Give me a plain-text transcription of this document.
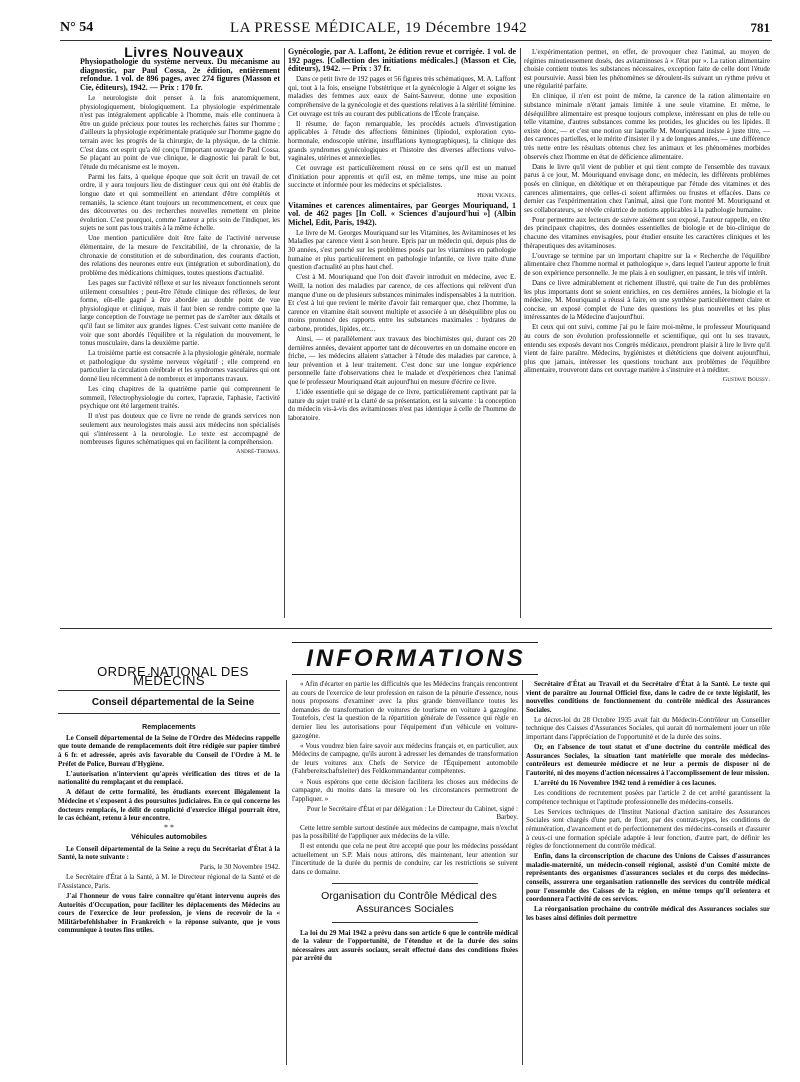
N° 54	LA PRESSE MÉDICALE, 19 Décembre 1942	781

Livres Nouveaux

Physiopathologie du système nerveux. Du mécanisme au diagnostic, par Paul Cossa, 2e édition, entièrement refondue. 1 vol. de 896 pages, avec 274 figures (Masson et Cie, éditeurs), 1942. — Prix : 170 fr.

Le neurologiste doit penser à la fois anatomiquement, physiologiquement, biologiquement. La physiologie expérimentale n'est pas intégralement applicable à l'homme, mais elle continuera à être un guide précieux pour toutes les recherches faites sur l'homme ; d'ailleurs la physiologie expérimentale pratiquée sur l'homme gagne du terrain avec les progrès de la chirurgie, de la physique, de la chimie. C'est dans cet esprit qu'a été conçu l'important ouvrage de Paul Cossa. Se plaçant au point de vue clinique, le diagnostic lui paraît le but, l'étude du mécanisme est le moyen.

Parmi les faits, à quelque époque que soit écrit un travail de cet ordre, il y aura toujours lieu de distinguer ceux qui ont été établis de longue date et qui sommeillent en attendant d'être complétés et remaniés, la science étant toujours un recommencement, et ceux que des découvertes ou des recherches nouvelles remettent en pleine évolution. C'est pourquoi, comme l'auteur a pris soin de l'indiquer, les sujets ne sont pas tous traités à la même échelle.

Une mention particulière doit être faite de l'activité nerveuse élémentaire, de la mesure de l'excitabilité, de la chronaxie, de la chronaxie de constitution et de subordination, des courants d'action, des relations des neurones entre eux (intégration et subordination), du problème des médications chimiques, toutes questions d'actualité.

Les pages sur l'activité réflexe et sur les niveaux fonctionnels seront utilement consultées ; peut-être l'étude clinique des réflexes, de leur forme, eût-elle gagné à être abordée au double point de vue physiologique et clinique, mais il faut bien se rendre compte que la large conception de l'ouvrage ne permet pas de s'arrêter aux détails et qu'il faut se limiter aux grandes lignes. C'est suivant cette manière de voir que sont abordés l'équilibre et la régulation du mouvement, le tonus musculaire, dans la deuxième partie.

La troisième partie est consacrée à la physiologie générale, normale et pathologique du système nerveux végétatif ; elle comprend en particulier la circulation cérébrale et les syndromes vasculaires qui ont donné lieu récemment à de nombreux et importants travaux.

Les cinq chapitres de la quatrième partie qui comprennent le sommeil, l'électrophysiologie du cortex, l'apraxie, l'aphasie, l'activité psychique ont été largement traités.

Il n'est pas douteux que ce livre ne rende de grands services non seulement aux neurologistes mais aussi aux médecins non spécialisés qui s'intéressent à la neurologie. Le texte est accompagné de nombreuses figures schématiques qui en facilitent la compréhension.

André-Thomas.

Gynécologie, par A. Laffont, 2e édition revue et corrigée. 1 vol. de 192 pages. [Collection des initiations médicales.] (Masson et Cie, éditeurs), 1942. — Prix : 37 fr.

Dans ce petit livre de 192 pages et 56 figures très schématiques, M. A. Laffont qui, tout à la fois, enseigne l'obstétrique et la gynécologie à Alger et soigne les maladies des femmes aux eaux de Saint-Sauveur, donne une exposition compréhensive de la gynécologie et des questions relatives à la stérilité féminine. Cet ouvrage est très au courant des publications de l'École française.

Il résume, de façon remarquable, les procédés actuels d'investigation applicables à l'étude des affections féminines (lipiodol, exploration cyto-hormonale, endoscopie utérine, insufflations kymographiques), la clinique des grands syndromes gynécologiques et l'histoire des diverses affections vulvo-vaginales, utérines et annexielles.

Cet ouvrage est particulièrement réussi en ce sens qu'il est un manuel d'initiation pour apprentis et qu'il est, en même temps, une mise au point succincte et informée pour les médecins et spécialistes.

Henri Vignes.

Vitamines et carences alimentaires, par Georges Mouriquand, 1 vol. de 462 pages [In Coll. « Sciences d'aujourd'hui »] (Albin Michel, Edit, Paris, 1942).

Le livre de M. Georges Mouriquand sur les Vitamines, les Avitaminoses et les Maladies par carence vient à son heure. Epris par un médecin qui, depuis plus de 30 années, s'est penché sur les problèmes posés par les vitamines en pathologie humaine et plus particulièrement en pathologie infantile, ce livre traite d'une question d'actualité au plus haut chef.

C'est à M. Mouriquand que l'on doit d'avoir introduit en médecine, avec E. Weill, la notion des maladies par carence, de ces affections qui relèvent d'un manque d'une ou de plusieurs substances minimales indispensables à la nutrition. Et c'est à lui que revient le mérite d'avoir fait remarquer que, chez l'homme, la carence en vitamine était souvent multiple et associée à un déséquilibre plus ou moins prononcé des rapports entre les substances maximales : hydrates de carbone, protides, lipides, etc...

Ainsi, — et parallèlement aux travaux des biochimistes qui, durant ces 20 dernières années, devaient apporter tant de découvertes en un domaine encore en friche, — les médecins allaient s'attacher à l'étude des maladies par carence, à leur prévention et à leur traitement. C'est donc sur une longue expérience personnelle faite d'observations chez le malade et d'expériences chez l'animal que le professeur Mouriquand était aujourd'hui en mesure d'écrire ce livre.

L'idée essentielle qui se dégage de ce livre, particulièrement captivant par la nature du sujet traité et la clarté de sa présentation, est la suivante : la conception du médecin vis-à-vis des avitaminoses n'est pas identique à celle de l'homme de laboratoire.

L'expérimentation permet, en effet, de provoquer chez l'animal, au moyen de régimes minutieusement dosés, des avitaminoses à « l'état pur ». La ration alimentaire choisie contient toutes les substances nécessaires, exception faite de celle dont l'étude est poursuivie. Aussi bien les phénomènes se déroulent-ils suivant un rythme prévu et une régularité parfaite.

En clinique, il n'en est point de même, la carence de la ration alimentaire en substance minimale n'étant jamais limitée à une seule vitamine. Et même, le déséquilibre alimentaire est presque toujours complexe, intéressant en plus de telle ou telle vitamine, d'autres substances comme les protides, les glucides ou les lipides. Il existe donc, — et c'est une notion sur laquelle M. Mouriquand insiste à juste titre, — des carences partielles, et le mérite d'insister il y a de longues années, — une différence très nette entre les résultats obtenus chez les animaux et les phénomènes morbides observés chez l'homme en état de déficience alimentaire.

Dans le livre qu'il vient de publier et qui tient compte de l'ensemble des travaux parus à ce jour, M. Mouriquand envisage donc, en médecin, les différents problèmes posés en clinique, en diététique et en thérapeutique par l'étude des vitamines et des carences alimentaires, que celles-ci soient affirmées ou frustes et effacées. Dans ce dernier cas l'expérimentation chez l'animal, ainsi que l'ont montré M. Mouriquand et ses collaborateurs, se révèle créatrice de notions applicables à la pathologie humaine.

Pour permettre aux lecteurs de suivre aisément son exposé, l'auteur rappelle, en tête des principaux chapitres, des données essentielles de biologie et de bio-clinique de chacune des vitamines envisagées, pour étudier ensuite les caractères cliniques et les thérapeutiques des avitaminoses.

L'ouvrage se termine par un important chapitre sur la « Recherche de l'équilibre alimentaire chez l'homme normal et pathologique », dans lequel l'auteur apporte le fruit de son expérience personnelle. Je me plais à en souligner, en passant, le très vif intérêt.

Dans ce livre admirablement et richement illustré, qui traite de l'un des problèmes les plus importants dont se soient enrichies, en ces dernières années, la biologie et la médecine, M. Mouriquand a réussi à faire, en une synthèse particulièrement claire et concise, un exposé complet de l'une des questions les plus nouvelles et les plus intéressantes de la Médecine d'aujourd'hui.

Et ceux qui ont suivi, comme j'ai pu le faire moi-même, le professeur Mouriquand au cours de son évolution professionnelle et scientifique, qui ont lu ses travaux, entendu ses exposés devant nos Congrès médicaux, prendront plaisir à lire le livre qu'il vient de faire paraître. Médecins, hygiénistes et diététiciens que doivent aujourd'hui, plus que jamais, intéresser les questions touchant aux problèmes de l'équilibre alimentaire, trouveront dans cet ouvrage matière à s'instruire et à méditer.

Gustave Boussy.

INFORMATIONS

ORDRE NATIONAL DES MÉDECINS

Conseil départemental de la Seine

Remplacements

Le Conseil départemental de la Seine de l'Ordre des Médecins rappelle que toute demande de remplacements doit être rédigée sur papier timbré à 6 fr. et adressée, après avis favorable du Conseil de l'Ordre à M. le Préfet de Police, Bureau d'Hygiène.

L'autorisation n'intervient qu'après vérification des titres et de la nationalité du remplaçant et du remplacé.

A défaut de cette formalité, les étudiants exercent illégalement la Médecine et s'exposent à des poursuites judiciaires. En ce qui concerne les docteurs remplacés, le délit de complicité d'exercice illégal pourrait être, le cas échéant, retenu à leur encontre.

* *

Véhicules automobiles

Le Conseil départemental de la Seine a reçu du Secrétariat d'État à la Santé, la note suivante :

Paris, le 30 Novembre 1942.

Le Secrétaire d'État à la Santé, à M. le Directeur régional de la Santé et de l'Assistance, Paris.

J'ai l'honneur de vous faire connaître qu'étant intervenu auprès des Autorités d'Occupation, pour faciliter les déplacements des Médecins au cours de l'exercice de leur profession, je viens de recevoir de la « Militärbefehlshaber in Frankreich » la réponse suivante, que je vous communique à toutes fins utiles.

« Afin d'écarter en partie les difficultés que les Médecins français rencontrent au cours de l'exercice de leur profession en raison de la pénurie d'essence, nous nous proposons d'examiner avec la plus grande bienveillance toutes les demandes de transformation de voitures de tourisme en voiture à gazogène. Toutefois, c'est la question de la répartition générale de l'essence qui règle en dernier lieu les autorisations pour l'équipement d'un véhicule en voiture-gazogène.

« Vous voudrez bien faire savoir aux médecins français et, en particulier, aux Médecins de campagne, qu'ils auront à adresser les demandes de transformation de leurs voitures aux Chefs de Service de l'Équipement automobile (Fahrbereitschaftsleiter) des Feldkommandantur compétentes.

« Nous espérons que cette décision facilitera les choses aux médecins de campagne, du moins dans la mesure où les circonstances permettront de l'appliquer. »

Pour le Secrétaire d'État et par délégation : Le Directeur du Cabinet, signé : Barbey.

Cette lettre semble surtout destinée aux médecins de campagne, mais n'exclut pas la possibilité de l'appliquer aux médecins de la ville.

Il est entendu que cela ne peut être accepté que pour les médecins possédant actuellement un S.P. Mais nous attirons, dès maintenant, leur attention sur l'incertitude de la durée du permis de conduire, car les restrictions se suivent dans ce domaine.

Organisation du Contrôle Médical des Assurances Sociales

La loi du 29 Mai 1942 a prévu dans son article 6 que le contrôle médical de la valeur de l'opportunité, de l'étendue et de la durée des soins nécessaires aux assurés sociaux, serait effectué dans des conditions fixées par arrêté du

Secrétaire d'État au Travail et du Secrétaire d'État à la Santé. Le texte qui vient de paraître au Journal Officiel fixe, dans le cadre de ce texte législatif, les nouvelles conditions de fonctionnement du contrôle médical des Assurances Sociales.

Le décret-loi du 28 Octobre 1935 avait fait du Médecin-Contrôleur un Conseiller technique des Caisses d'Assurances Sociales, qui aurait dû normalement jouer un rôle important dans l'appréciation de l'opportunité et de la durée des soins.

Or, en l'absence de tout statut et d'une doctrine du contrôle médical des Assurances Sociales, la situation tant matérielle que morale des médecins-contrôleurs est demeurée médiocre et ne leur a permis de disposer ni de l'autorité, ni des moyens d'action nécessaires à l'accomplissement de leur mission.

L'arrêté du 16 Novembre 1942 tend à remédier à ces lacunes.

Les conditions de recrutement posées par l'article 2 de cet arrêté garantissent la compétence technique et l'aptitude professionnelle des médecins-conseils.

Les Services techniques de l'Institut National d'action sanitaire des Assurances Sociales sont chargés d'une part, de fixer, par des contrats-types, les conditions de rémunération, d'avancement et de perfectionnement des médecins-conseils et d'assurer à ceux-ci une formation spéciale adaptée à leur fonction, d'autre part, de définir les règles de fonctionnement du contrôle médical.

Enfin, dans la circonscription de chacune des Unions de Caisses d'assurances maladie-maternité, un médecin-conseil régional, assisté d'un Comité mixte de représentants des organismes d'assurances sociales et du corps des médecins-conseils, assurera une organisation rationnelle des services du contrôle médical pour l'ensemble des Caisses de la région, en même temps qu'il orientera et coordonnera l'activité de ces services.

La réorganisation prochaine du contrôle médical des Assurances sociales sur les bases ainsi définies doit permettre
